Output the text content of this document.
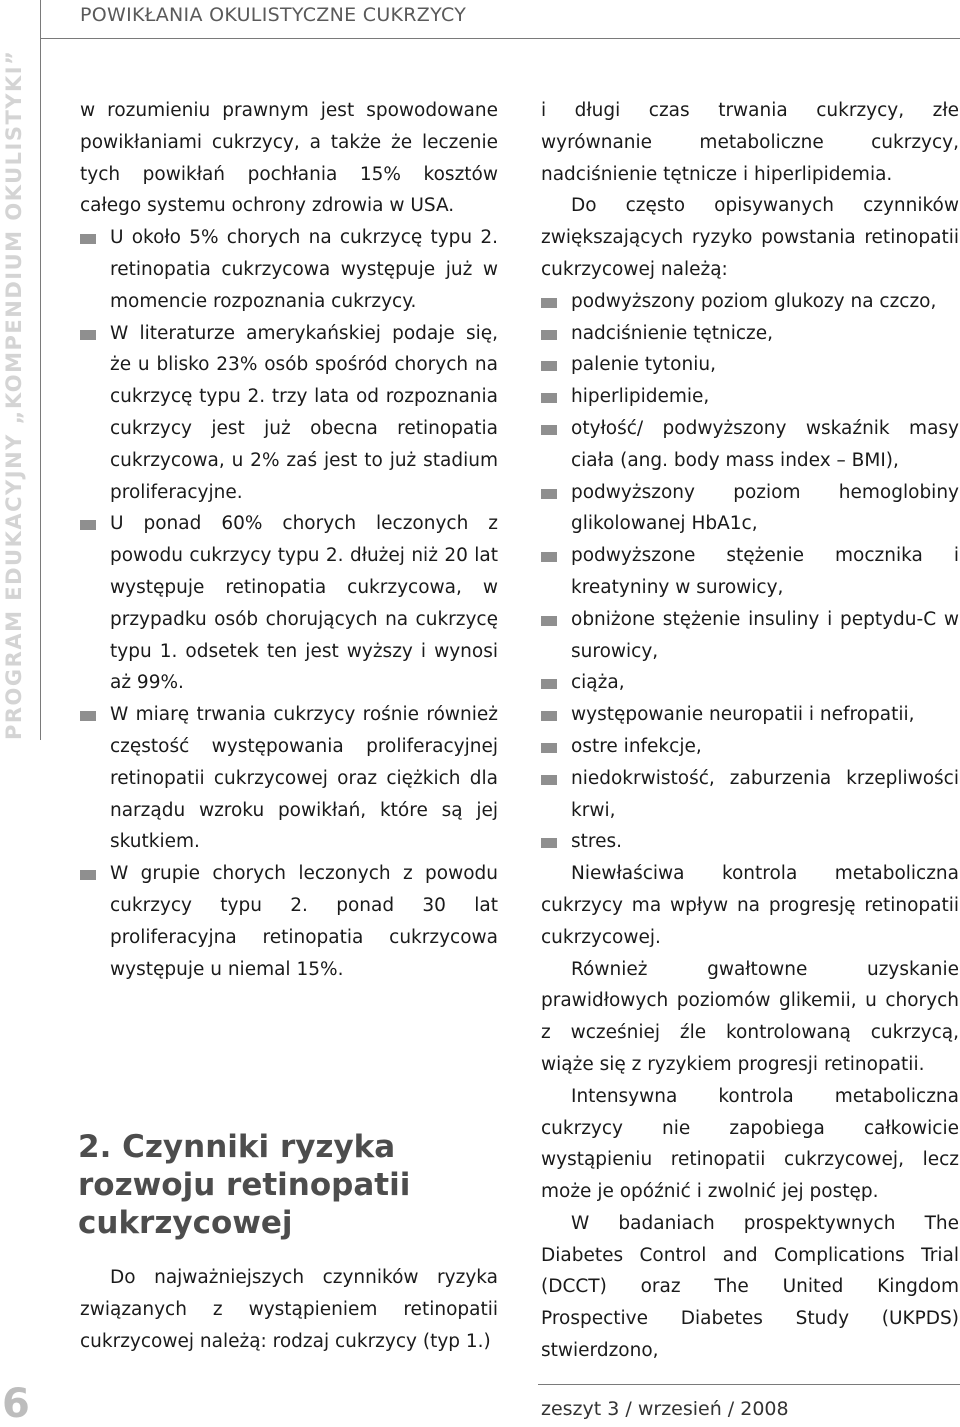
POWIKŁANIA OKULISTYCZNE CUKRZYCY
PROGRAM EDUKACYJNY „KOMPENDIUM OKULISTYKI”
6

w rozumieniu prawnym jest spowodowane powikłaniami cukrzycy, a także że leczenie tych powikłań pochłania 15% kosztów całego systemu ochrony zdrowia w USA.

U około 5% chorych na cukrzycę typu 2. retinopatia cukrzycowa występuje już w momencie rozpoznania cukrzycy.

W literaturze amerykańskiej podaje się, że u blisko 23% osób spośród chorych na cukrzycę typu 2. trzy lata od rozpoznania cukrzycy jest już obecna retinopatia cukrzycowa, u 2% zaś jest to już stadium proliferacyjne.

U ponad 60% chorych leczonych z powodu cukrzycy typu 2. dłużej niż 20 lat występuje retinopatia cukrzycowa, w przypadku osób chorujących na cukrzycę typu 1. odsetek ten jest wyższy i wynosi aż 99%.

W miarę trwania cukrzycy rośnie również częstość występowania proliferacyjnej retinopatii cukrzycowej oraz ciężkich dla narządu wzroku powikłań, które są jej skutkiem.

W grupie chorych leczonych z powodu cukrzycy typu 2. ponad 30 lat proliferacyjna retinopatia cukrzycowa występuje u niemal 15%.

2. Czynniki ryzyka rozwoju retinopatii cukrzycowej
Do najważniejszych czynników ryzyka związanych z wystąpieniem retinopatii cukrzycowej należą: rodzaj cukrzycy (typ 1.)

i długi czas trwania cukrzycy, złe wyrównanie metaboliczne cukrzycy, nadciśnienie tętnicze i hiperlipidemia.

Do często opisywanych czynników zwiększających ryzyko powstania retinopatii cukrzycowej należą:

podwyższony poziom glukozy na czczo,

nadciśnienie tętnicze,

palenie tytoniu,

hiperlipidemie,

otyłość/ podwyższony wskaźnik masy ciała (ang. body mass index – BMI),

podwyższony poziom hemoglobiny glikolowanej HbA1c,

podwyższone stężenie mocznika i kreatyniny w surowicy,

obniżone stężenie insuliny i peptydu-C w surowicy,

ciąża,

występowanie neuropatii i nefropatii,

ostre infekcje,

niedokrwistość, zaburzenia krzepliwości krwi,

stres.

Niewłaściwa kontrola metaboliczna cukrzycy ma wpływ na progresję retinopatii cukrzycowej.

Również gwałtowne uzyskanie prawidłowych poziomów glikemii, u chorych z wcześniej źle kontrolowaną cukrzycą, wiąże się z ryzykiem progresji retinopatii.

Intensywna kontrola metaboliczna cukrzycy nie zapobiega całkowicie wystąpieniu retinopatii cukrzycowej, lecz może je opóźnić i zwolnić jej postęp.

W badaniach prospektywnych The Diabetes Control and Complications Trial (DCCT) oraz The United Kingdom Prospective Diabetes Study (UKPDS) stwierdzono,

zeszyt 3 / wrzesień / 2008
